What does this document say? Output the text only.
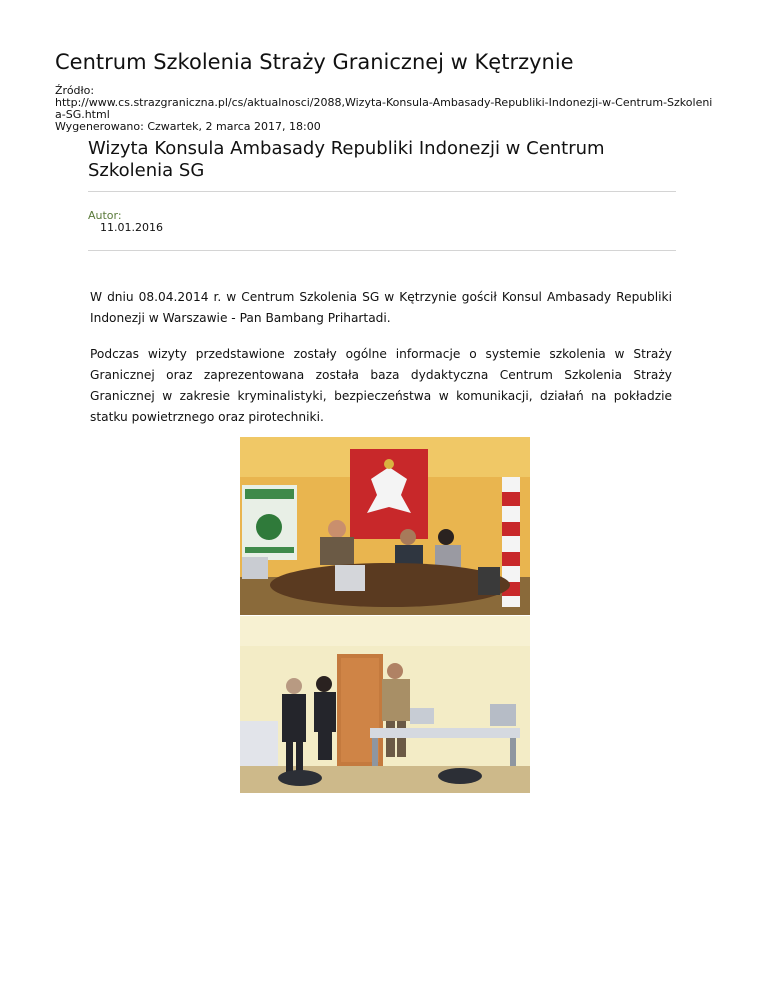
Centrum Szkolenia Straży Granicznej w Kętrzynie
Źródło:
http://www.cs.strazgraniczna.pl/cs/aktualnosci/2088,Wizyta-Konsula-Ambasady-Republiki-Indonezji-w-Centrum-Szkolenia-SG.html
Wygenerowano: Czwartek, 2 marca 2017, 18:00
Wizyta Konsula Ambasady Republiki Indonezji w Centrum Szkolenia SG
Autor:
11.01.2016

W dniu 08.04.2014 r. w Centrum Szkolenia SG w Kętrzynie gościł Konsul Ambasady Republiki Indonezji w Warszawie - Pan Bambang Prihartadi.

Podczas wizyty przedstawione zostały ogólne informacje o systemie szkolenia w Straży Granicznej oraz zaprezentowana została baza dydaktyczna Centrum Szkolenia Straży Granicznej w zakresie kryminalistyki, bezpieczeństwa w komunikacji, działań na pokładzie statku powietrznego oraz pirotechniki.
